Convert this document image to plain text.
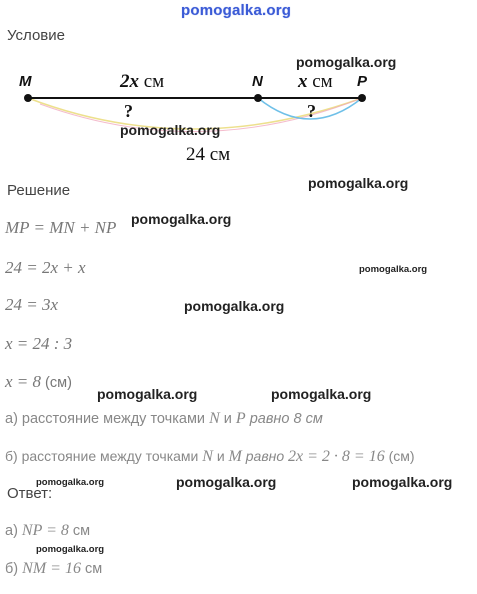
pomogalka.org
Условие
pomogalka.org
M	N	P
2x см	x см
?	?
pomogalka.org
24 см
Решение	pomogalka.org
MP = MN + NP pomogalka.org
24 = 2x + x	pomogalka.org
24 = 3x	pomogalka.org
x = 24 : 3
x = 8 (см)
pomogalka.org	pomogalka.org
а) расстояние между точками N и P равно 8 см
б) расстояние между точками N и M равно 2x = 2 · 8 = 16 (см)
Ответ:
pomogalka.org	pomogalka.org	pomogalka.org
а) NP = 8 см
pomogalka.org
б) NM = 16 см
